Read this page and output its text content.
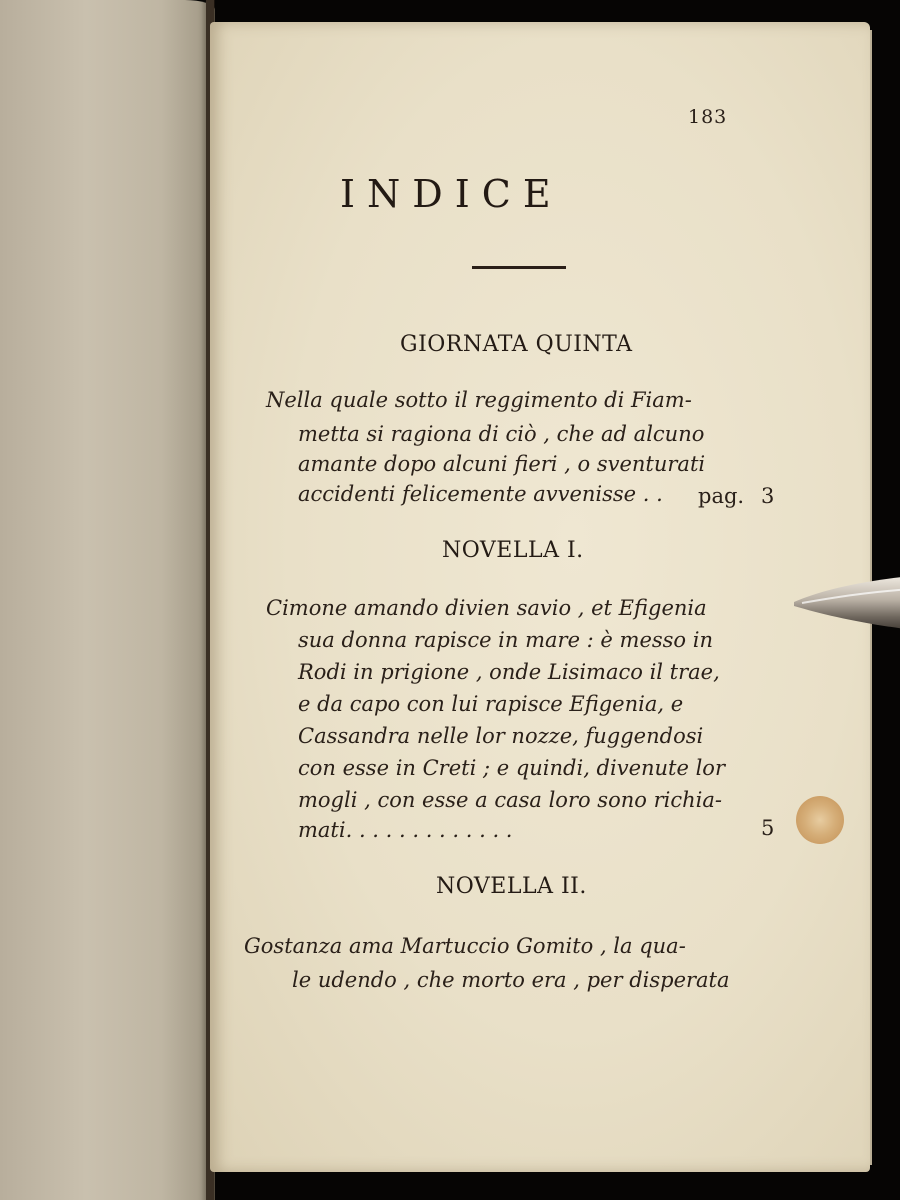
183
INDICE
GIORNATA QUINTA
Nella quale sotto il reggimento di Fiam-
metta si ragiona di ciò , che ad alcuno
amante dopo alcuni fieri , o sventurati
accidenti felicemente avvenisse . . pag. 3
NOVELLA I.
Cimone amando divien savio , et Efigenia
sua donna rapisce in mare : è messo in
Rodi in prigione , onde Lisimaco il trae,
e da capo con lui rapisce Efigenia, e
Cassandra nelle lor nozze, fuggendosi
con esse in Creti ; e quindi, divenute lor
mogli , con esse a casa loro sono richia-
mati. . . . . . . . . . . . .	5
NOVELLA II.
Gostanza ama Martuccio Gomito , la qua-
le udendo , che morto era , per disperata
